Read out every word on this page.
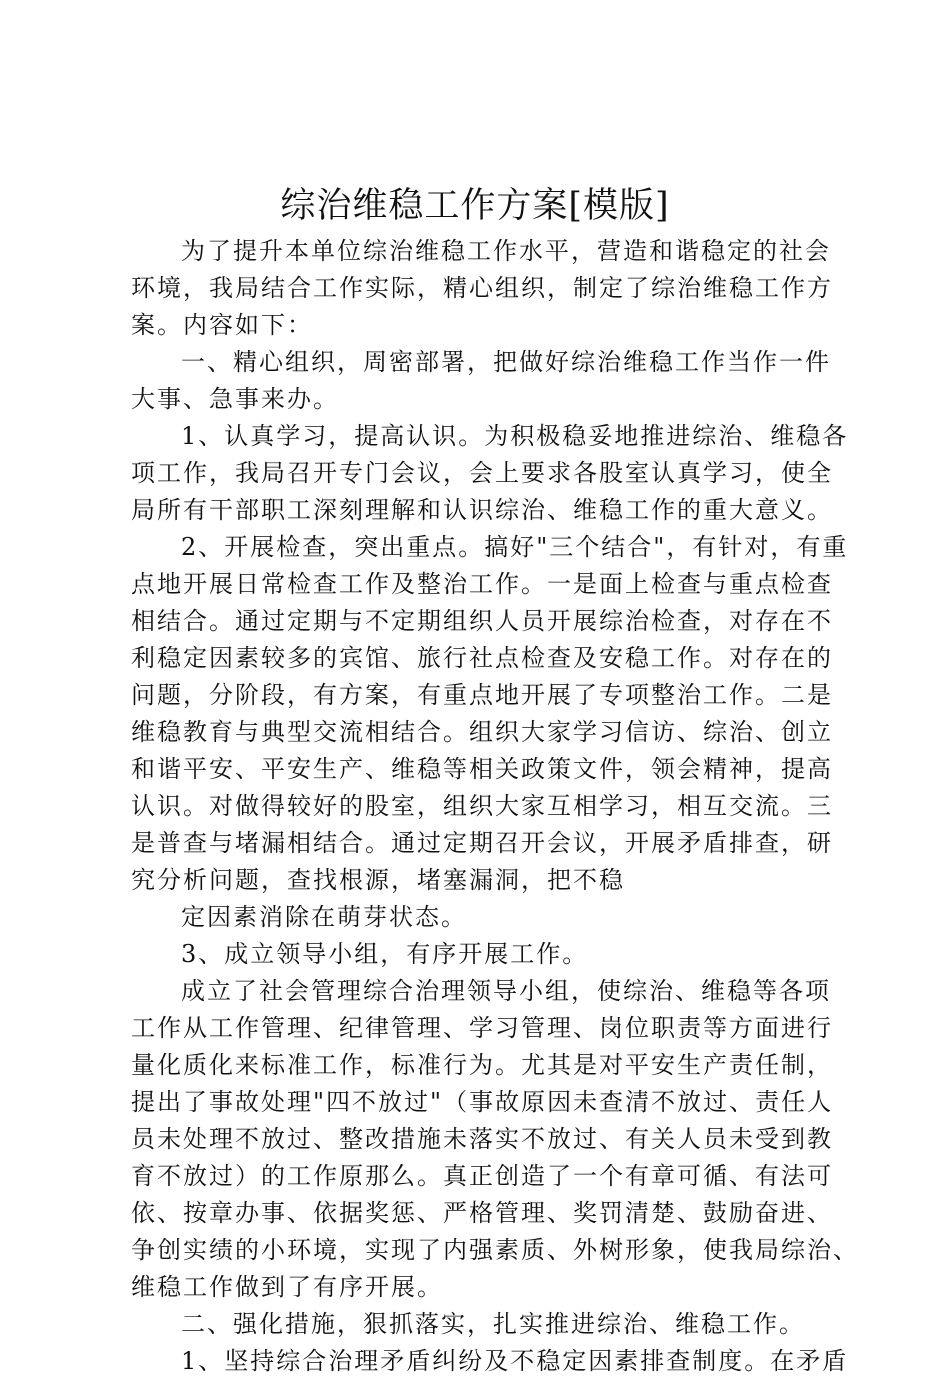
综治维稳工作方案[模版]
为了提升本单位综治维稳工作水平，营造和谐稳定的社会
环境，我局结合工作实际，精心组织，制定了综治维稳工作方
案。内容如下：
一、精心组织，周密部署，把做好综治维稳工作当作一件
大事、急事来办。
1、认真学习，提高认识。为积极稳妥地推进综治、维稳各
项工作，我局召开专门会议，会上要求各股室认真学习，使全
局所有干部职工深刻理解和认识综治、维稳工作的重大意义。
2、开展检查，突出重点。搞好"三个结合"，有针对，有重
点地开展日常检查工作及整治工作。一是面上检查与重点检查
相结合。通过定期与不定期组织人员开展综治检查，对存在不
利稳定因素较多的宾馆、旅行社点检查及安稳工作。对存在的
问题，分阶段，有方案，有重点地开展了专项整治工作。二是
维稳教育与典型交流相结合。组织大家学习信访、综治、创立
和谐平安、平安生产、维稳等相关政策文件，领会精神，提高
认识。对做得较好的股室，组织大家互相学习，相互交流。三
是普查与堵漏相结合。通过定期召开会议，开展矛盾排查，研
究分析问题，查找根源，堵塞漏洞，把不稳
定因素消除在萌芽状态。
3、成立领导小组，有序开展工作。
成立了社会管理综合治理领导小组，使综治、维稳等各项
工作从工作管理、纪律管理、学习管理、岗位职责等方面进行
量化质化来标准工作，标准行为。尤其是对平安生产责任制，
提出了事故处理"四不放过"（事故原因未查清不放过、责任人
员未处理不放过、整改措施未落实不放过、有关人员未受到教
育不放过）的工作原那么。真正创造了一个有章可循、有法可
依、按章办事、依据奖惩、严格管理、奖罚清楚、鼓励奋进、
争创实绩的小环境，实现了内强素质、外树形象，使我局综治、
维稳工作做到了有序开展。
二、强化措施，狠抓落实，扎实推进综治、维稳工作。
1、坚持综合治理矛盾纠纷及不稳定因素排查制度。在矛盾
